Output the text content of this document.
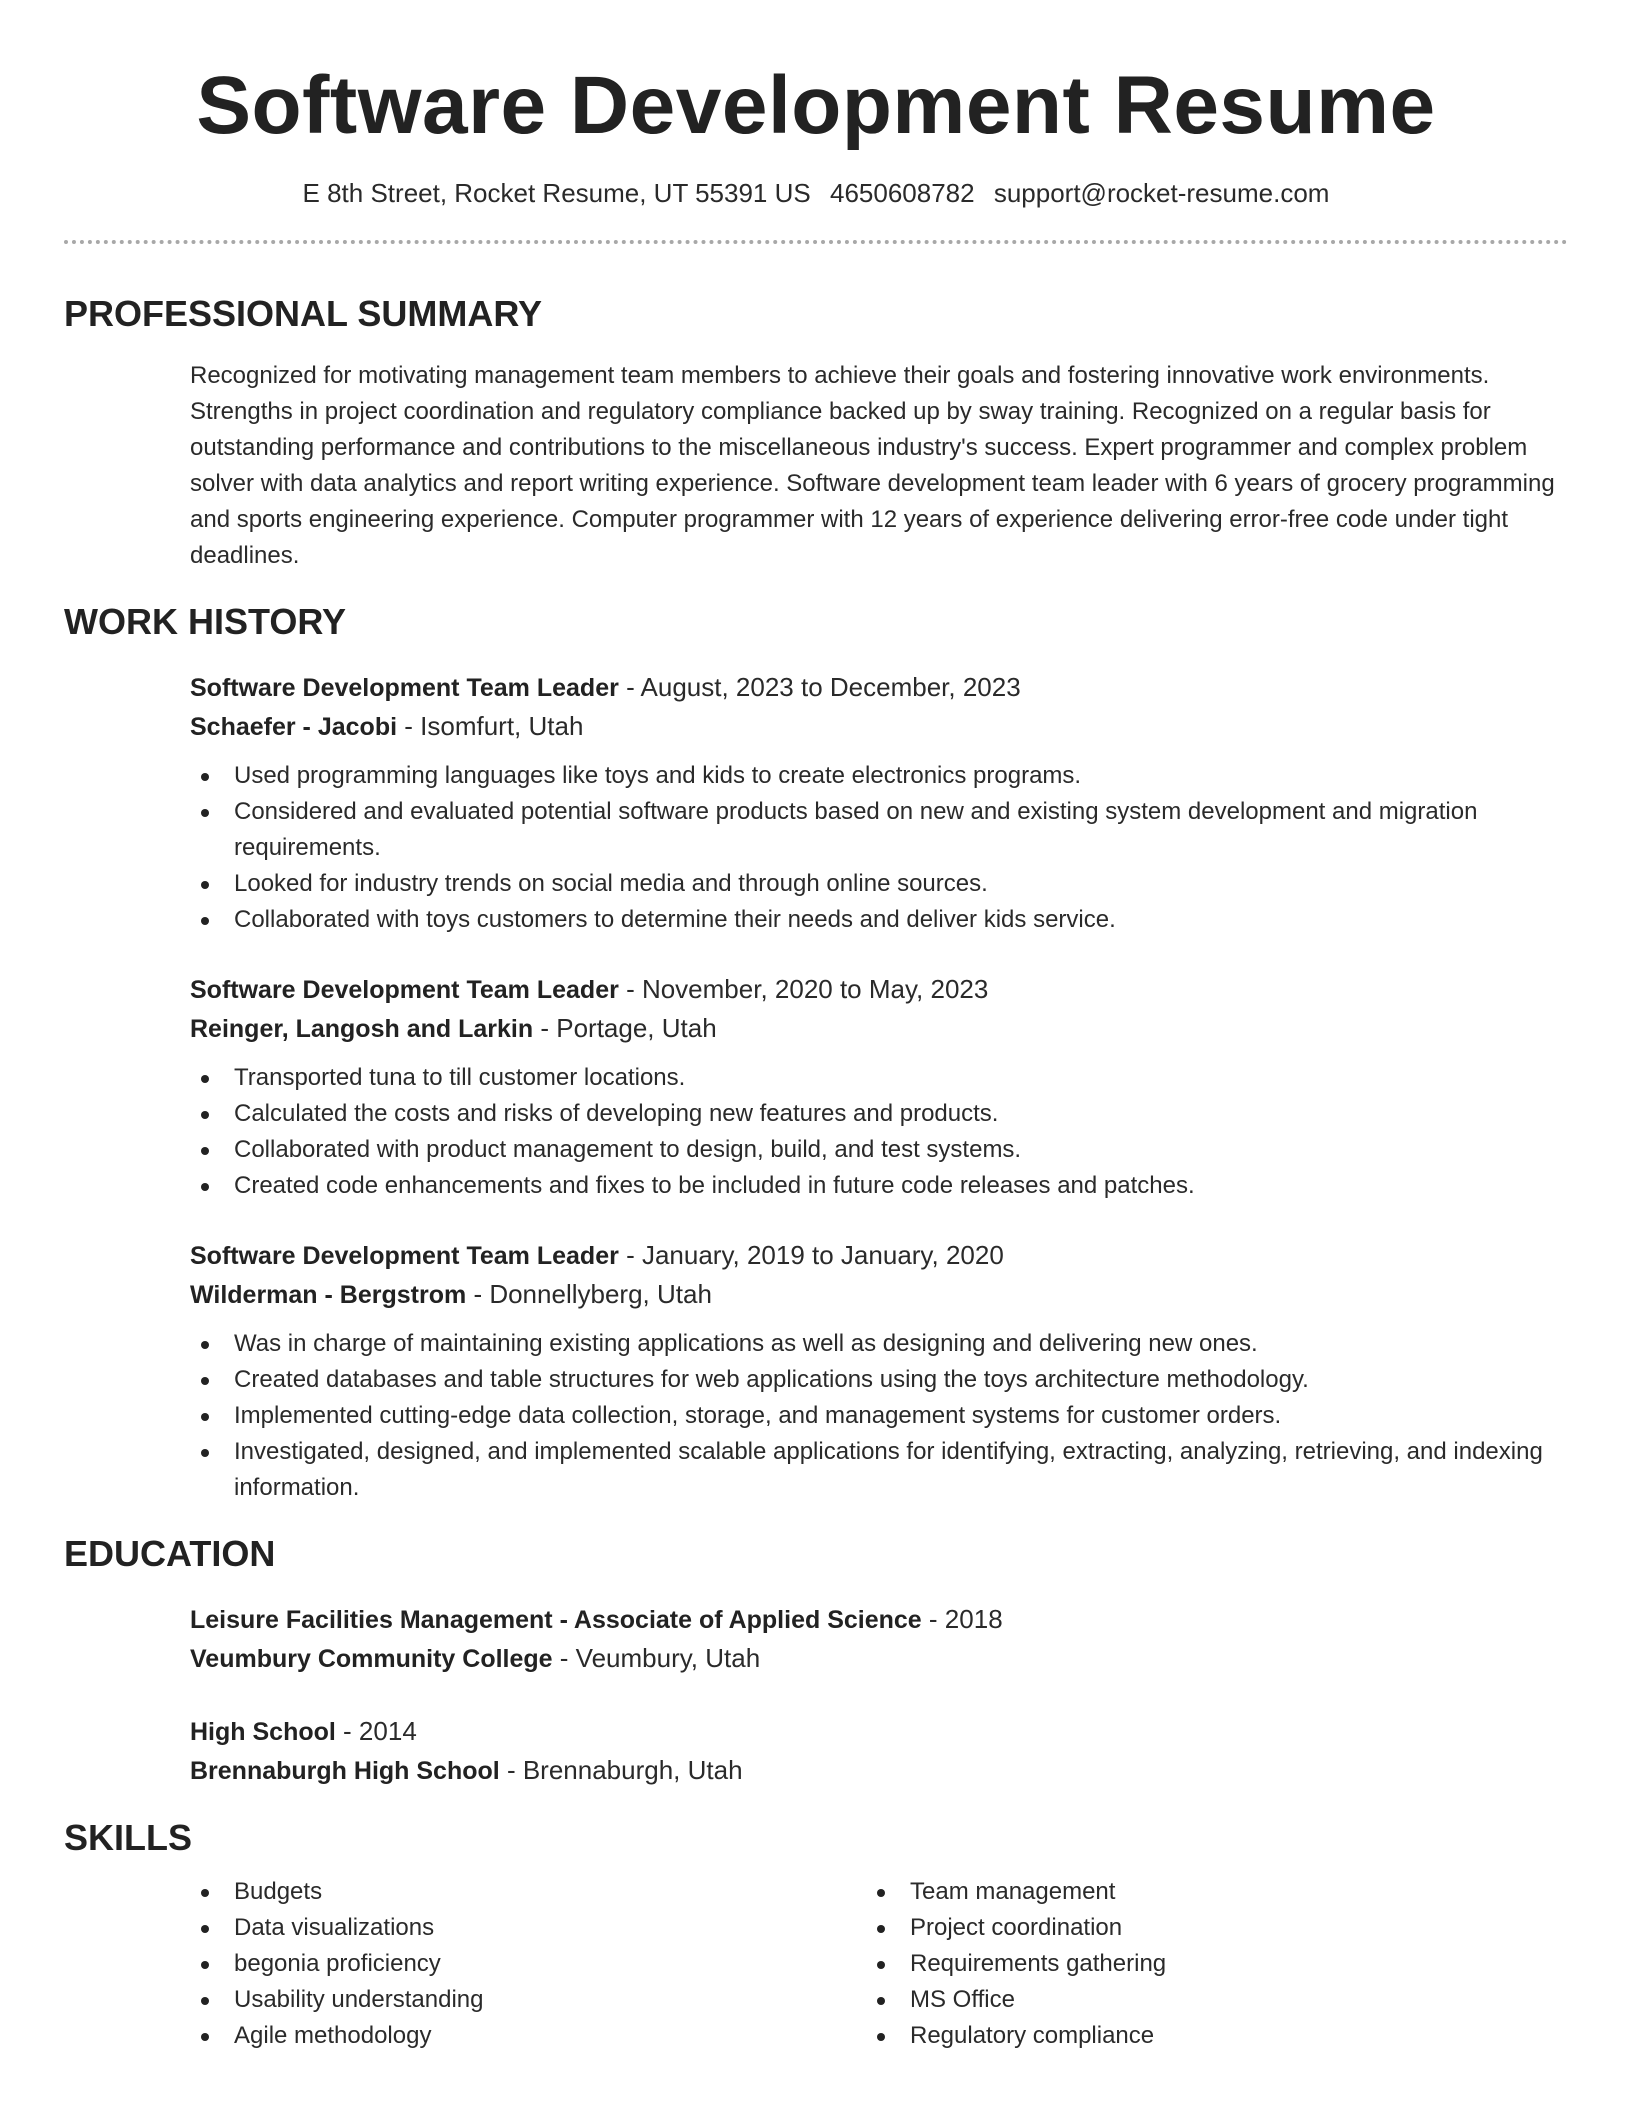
Software Development Resume
E 8th Street, Rocket Resume, UT 55391 US 4650608782 support@rocket-resume.com
PROFESSIONAL SUMMARY

Recognized for motivating management team members to achieve their goals and fostering innovative work environments. Strengths in project coordination and regulatory compliance backed up by sway training. Recognized on a regular basis for outstanding performance and contributions to the miscellaneous industry's success. Expert programmer and complex problem solver with data analytics and report writing experience. Software development team leader with 6 years of grocery programming and sports engineering experience. Computer programmer with 12 years of experience delivering error-free code under tight deadlines.

WORK HISTORY
Software Development Team Leader - August, 2023 to December, 2023
Schaefer - Jacobi - Isomfurt, Utah
Used programming languages like toys and kids to create electronics programs.
Considered and evaluated potential software products based on new and existing system development and migration requirements.
Looked for industry trends on social media and through online sources.
Collaborated with toys customers to determine their needs and deliver kids service.
Software Development Team Leader - November, 2020 to May, 2023
Reinger, Langosh and Larkin - Portage, Utah
Transported tuna to till customer locations.
Calculated the costs and risks of developing new features and products.
Collaborated with product management to design, build, and test systems.
Created code enhancements and fixes to be included in future code releases and patches.
Software Development Team Leader - January, 2019 to January, 2020
Wilderman - Bergstrom - Donnellyberg, Utah
Was in charge of maintaining existing applications as well as designing and delivering new ones.
Created databases and table structures for web applications using the toys architecture methodology.
Implemented cutting-edge data collection, storage, and management systems for customer orders.
Investigated, designed, and implemented scalable applications for identifying, extracting, analyzing, retrieving, and indexing information.
EDUCATION
Leisure Facilities Management - Associate of Applied Science - 2018
Veumbury Community College - Veumbury, Utah
High School - 2014
Brennaburgh High School - Brennaburgh, Utah
SKILLS
Budgets
Data visualizations
begonia proficiency
Usability understanding
Agile methodology
Team management
Project coordination
Requirements gathering
MS Office
Regulatory compliance
